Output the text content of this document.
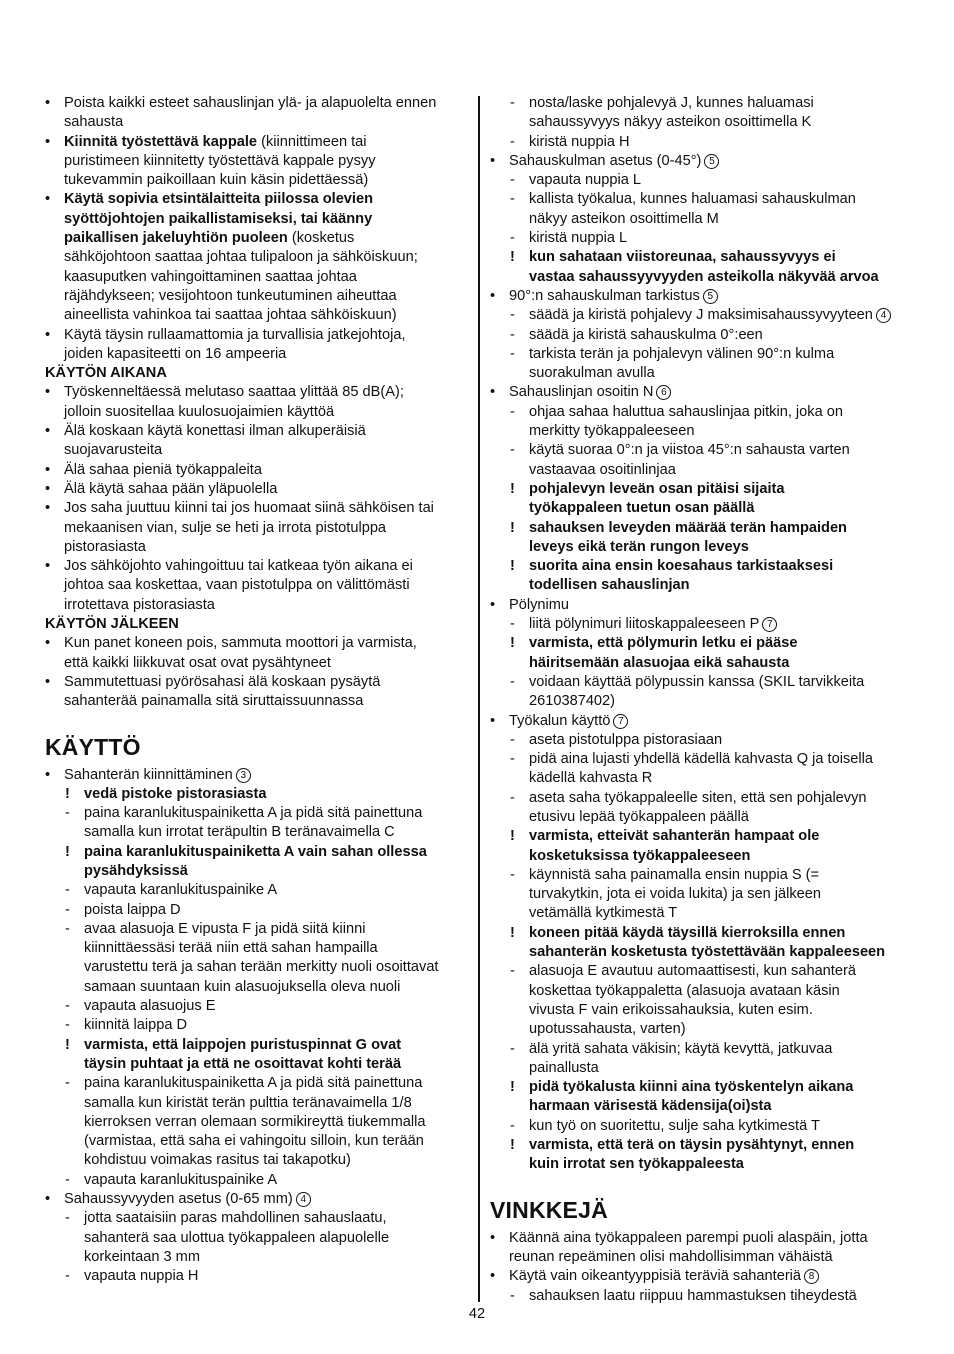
• Poista kaikki esteet sahauslinjan ylä- ja alapuolelta ennen
sahausta
• Kiinnitä työstettävä kappale (kiinnittimeen tai
puristimeen kiinnitetty työstettävä kappale pysyy
tukevammin paikoillaan kuin käsin pidettäessä)
• Käytä sopivia etsintälaitteita piilossa olevien
syöttöjohtojen paikallistamiseksi, tai käänny
paikallisen jakeluyhtiön puoleen (kosketus
sähköjohtoon saattaa johtaa tulipaloon ja sähköiskuun;
kaasuputken vahingoittaminen saattaa johtaa
räjähdykseen; vesijohtoon tunkeutuminen aiheuttaa
aineellista vahinkoa tai saattaa johtaa sähköiskuun)
• Käytä täysin rullaamattomia ja turvallisia jatkejohtoja,
joiden kapasiteetti on 16 ampeeria
KÄYTÖN AIKANA
• Työskenneltäessä melutaso saattaa ylittää 85 dB(A);
jolloin suositellaa kuulosuojaimien käyttöä
• Älä koskaan käytä konettasi ilman alkuperäisiä
suojavarusteita
• Älä sahaa pieniä työkappaleita
• Älä käytä sahaa pään yläpuolella
• Jos saha juuttuu kiinni tai jos huomaat siinä sähköisen tai
mekaanisen vian, sulje se heti ja irrota pistotulppa
pistorasiasta
• Jos sähköjohto vahingoittuu tai katkeaa työn aikana ei
johtoa saa koskettaa, vaan pistotulppa on välittömästi
irrotettava pistorasiasta
KÄYTÖN JÄLKEEN
• Kun panet koneen pois, sammuta moottori ja varmista,
että kaikki liikkuvat osat ovat pysähtyneet
• Sammutettuasi pyörösahasi älä koskaan pysäytä
sahanterää painamalla sitä siruttaissuunnassa
KÄYTTÖ
• Sahanterän kiinnittäminen 3
! vedä pistoke pistorasiasta
- paina karanlukituspainiketta A ja pidä sitä painettuna
samalla kun irrotat teräpultin B teränavaimella C
! paina karanlukituspainiketta A vain sahan ollessa
pysähdyksissä
- vapauta karanlukituspainike A
- poista laippa D
- avaa alasuoja E vipusta F ja pidä siitä kiinni
kiinnittäessäsi terää niin että sahan hampailla
varustettu terä ja sahan terään merkitty nuoli osoittavat
samaan suuntaan kuin alasuojuksella oleva nuoli
- vapauta alasuojus E
- kiinnitä laippa D
! varmista, että laippojen puristuspinnat G ovat
täysin puhtaat ja että ne osoittavat kohti terää
- paina karanlukituspainiketta A ja pidä sitä painettuna
samalla kun kiristät terän pulttia teränavaimella 1/8
kierroksen verran olemaan sormikireyttä tiukemmalla
(varmistaa, että saha ei vahingoitu silloin, kun terään
kohdistuu voimakas rasitus tai takapotku)
- vapauta karanlukituspainike A
• Sahaussyvyyden asetus (0-65 mm) 4
- jotta saataisiin paras mahdollinen sahauslaatu,
sahanterä saa ulottua työkappaleen alapuolelle
korkeintaan 3 mm
- vapauta nuppia H
- nosta/laske pohjalevyä J, kunnes haluamasi
sahaussyvyys näkyy asteikon osoittimella K
- kiristä nuppia H
• Sahauskulman asetus (0-45°) 5
- vapauta nuppia L
- kallista työkalua, kunnes haluamasi sahauskulman
näkyy asteikon osoittimella M
- kiristä nuppia L
! kun sahataan viistoreunaa, sahaussyvyys ei
vastaa sahaussyyvyyden asteikolla näkyvää arvoa
• 90°:n sahauskulman tarkistus 5
- säädä ja kiristä pohjalevy J maksimisahaussyvyyteen 4
- säädä ja kiristä sahauskulma 0°:een
- tarkista terän ja pohjalevyn välinen 90°:n kulma
suorakulman avulla
• Sahauslinjan osoitin N 6
- ohjaa sahaa haluttua sahauslinjaa pitkin, joka on
merkitty työkappaleeseen
- käytä suoraa 0°:n ja viistoa 45°:n sahausta varten
vastaavaa osoitinlinjaa
! pohjalevyn leveän osan pitäisi sijaita
työkappaleen tuetun osan päällä
! sahauksen leveyden määrää terän hampaiden
leveys eikä terän rungon leveys
! suorita aina ensin koesahaus tarkistaaksesi
todellisen sahauslinjan
• Pölynimu
- liitä pölynimuri liitoskappaleeseen P 7
! varmista, että pölymurin letku ei pääse
häiritsemään alasuojaa eikä sahausta
- voidaan käyttää pölypussin kanssa (SKIL tarvikkeita
2610387402)
• Työkalun käyttö 7
- aseta pistotulppa pistorasiaan
- pidä aina lujasti yhdellä kädellä kahvasta Q ja toisella
kädellä kahvasta R
- aseta saha työkappaleelle siten, että sen pohjalevyn
etusivu lepää työkappaleen päällä
! varmista, etteivät sahanterän hampaat ole
kosketuksissa työkappaleeseen
- käynnistä saha painamalla ensin nuppia S (=
turvakytkin, jota ei voida lukita) ja sen jälkeen
vetämällä kytkimestä T
! koneen pitää käydä täysillä kierroksilla ennen
sahanterän kosketusta työstettävään kappaleeseen
- alasuoja E avautuu automaattisesti, kun sahanterä
koskettaa työkappaletta (alasuoja avataan käsin
vivusta F vain erikoissahauksia, kuten esim.
upotussahausta, varten)
- älä yritä sahata väkisin; käytä kevyttä, jatkuvaa
painallusta
! pidä työkalusta kiinni aina työskentelyn aikana
harmaan värisestä kädensija(oi)sta
- kun työ on suoritettu, sulje saha kytkimestä T
! varmista, että terä on täysin pysähtynyt, ennen
kuin irrotat sen työkappaleesta
VINKKEJÄ
• Käännä aina työkappaleen parempi puoli alaspäin, jotta
reunan repeäminen olisi mahdollisimman vähäistä
• Käytä vain oikeantyyppisiä teräviä sahanteriä 8
- sahauksen laatu riippuu hammastuksen tiheydestä
42
